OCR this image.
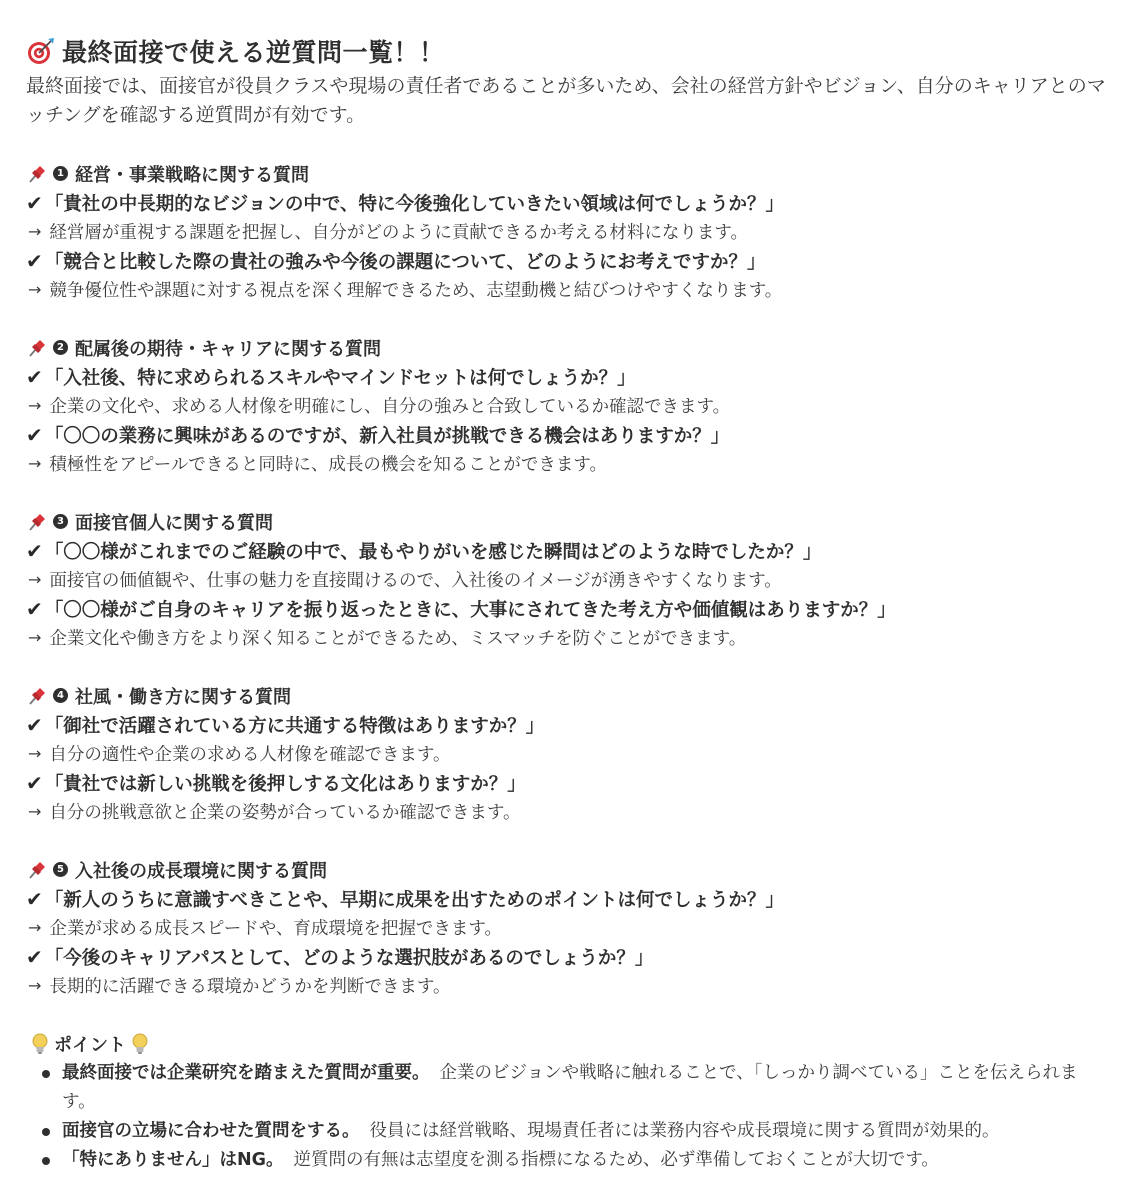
最終面接で使える逆質問一覧！！

最終面接では、面接官が役員クラスや現場の責任者であることが多いため、会社の経営方針やビジョン、自分のキャリアとのマッチングを確認する逆質問が有効です。

1 経営・事業戦略に関する質問
✔ 「貴社の中長期的なビジョンの中で、特に今後強化していきたい領域は何でしょうか？」
→ 経営層が重視する課題を把握し、自分がどのように貢献できるか考える材料になります。
✔ 「競合と比較した際の貴社の強みや今後の課題について、どのようにお考えですか？」
→ 競争優位性や課題に対する視点を深く理解できるため、志望動機と結びつけやすくなります。
2 配属後の期待・キャリアに関する質問
✔ 「入社後、特に求められるスキルやマインドセットは何でしょうか？」
→ 企業の文化や、求める人材像を明確にし、自分の強みと合致しているか確認できます。
✔ 「〇〇の業務に興味があるのですが、新入社員が挑戦できる機会はありますか？」
→ 積極性をアピールできると同時に、成長の機会を知ることができます。
3 面接官個人に関する質問
✔ 「〇〇様がこれまでのご経験の中で、最もやりがいを感じた瞬間はどのような時でしたか？」
→ 面接官の価値観や、仕事の魅力を直接聞けるので、入社後のイメージが湧きやすくなります。
✔ 「〇〇様がご自身のキャリアを振り返ったときに、大事にされてきた考え方や価値観はありますか？」
→ 企業文化や働き方をより深く知ることができるため、ミスマッチを防ぐことができます。
4 社風・働き方に関する質問
✔ 「御社で活躍されている方に共通する特徴はありますか？」
→ 自分の適性や企業の求める人材像を確認できます。
✔ 「貴社では新しい挑戦を後押しする文化はありますか？」
→ 自分の挑戦意欲と企業の姿勢が合っているか確認できます。
5 入社後の成長環境に関する質問
✔ 「新人のうちに意識すべきことや、早期に成果を出すためのポイントは何でしょうか？」
→ 企業が求める成長スピードや、育成環境を把握できます。
✔ 「今後のキャリアパスとして、どのような選択肢があるのでしょうか？」
→ 長期的に活躍できる環境かどうかを判断できます。
ポイント
最終面接では企業研究を踏まえた質問が重要。 企業のビジョンや戦略に触れることで、「しっかり調べている」ことを伝えられます。
面接官の立場に合わせた質問をする。 役員には経営戦略、現場責任者には業務内容や成長環境に関する質問が効果的。
「特にありません」はNG。 逆質問の有無は志望度を測る指標になるため、必ず準備しておくことが大切です。
